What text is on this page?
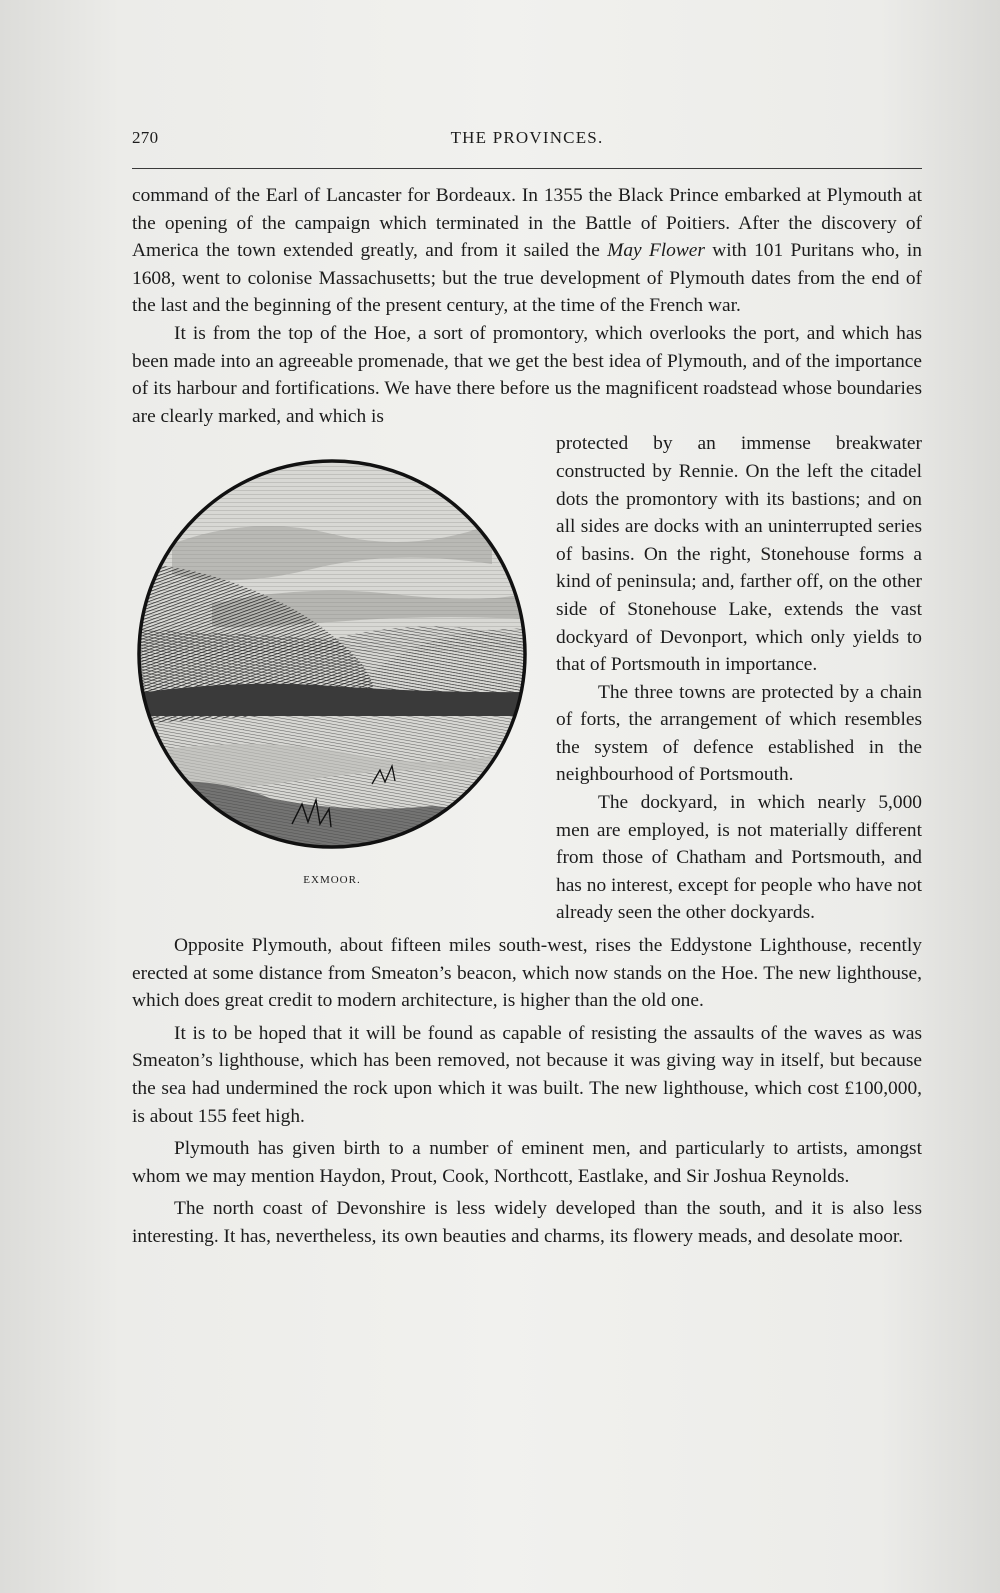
270	THE PROVINCES.

command of the Earl of Lancaster for Bordeaux. In 1355 the Black Prince embarked at Plymouth at the opening of the campaign which terminated in the Battle of Poitiers. After the discovery of America the town extended greatly, and from it sailed the May Flower with 101 Puritans who, in 1608, went to colonise Massachusetts; but the true development of Plymouth dates from the end of the last and the beginning of the present century, at the time of the French war.

It is from the top of the Hoe, a sort of promontory, which overlooks the port, and which has been made into an agreeable promenade, that we get the best idea of Plymouth, and of the importance of its harbour and fortifications. We have there before us the magnificent roadstead whose boundaries are clearly marked, and which is

EXMOOR.

protected by an immense breakwater constructed by Rennie. On the left the citadel dots the promontory with its bastions; and on all sides are docks with an uninterrupted series of basins. On the right, Stonehouse forms a kind of peninsula; and, farther off, on the other side of Stonehouse Lake, extends the vast dockyard of Devonport, which only yields to that of Portsmouth in importance.

The three towns are protected by a chain of forts, the arrangement of which resembles the system of defence established in the neighbourhood of Portsmouth.

The dockyard, in which nearly 5,000 men are employed, is not materially different from those of Chatham and Portsmouth, and has no interest, except for people who have not already seen the other dockyards.

Opposite Plymouth, about fifteen miles south-west, rises the Eddystone Lighthouse, recently erected at some distance from Smeaton’s beacon, which now stands on the Hoe. The new lighthouse, which does great credit to modern architecture, is higher than the old one.

It is to be hoped that it will be found as capable of resisting the assaults of the waves as was Smeaton’s lighthouse, which has been removed, not because it was giving way in itself, but because the sea had undermined the rock upon which it was built. The new lighthouse, which cost £100,000, is about 155 feet high.

Plymouth has given birth to a number of eminent men, and particularly to artists, amongst whom we may mention Haydon, Prout, Cook, Northcott, Eastlake, and Sir Joshua Reynolds.

The north coast of Devonshire is less widely developed than the south, and it is also less interesting. It has, nevertheless, its own beauties and charms, its flowery meads, and desolate moor.
